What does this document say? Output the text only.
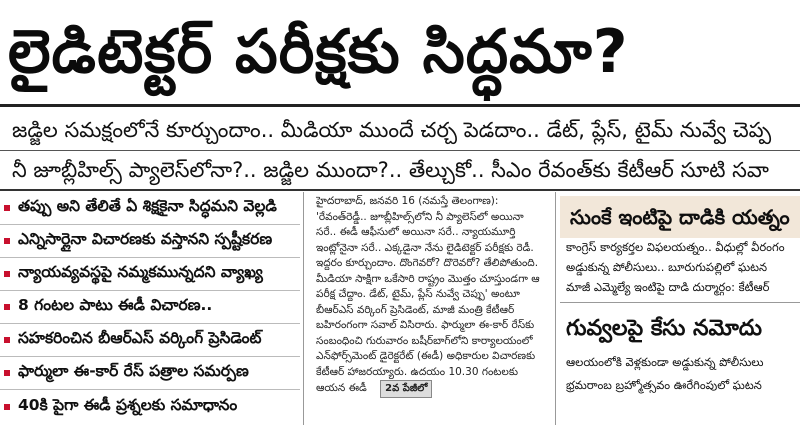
లైడిటెక్టర్ పరీక్షకు సిద్ధమా?
జడ్జిల సమక్షంలోనే కూర్చుందాం.. మీడియా ముందే చర్చ పెడదాం.. డేట్, ప్లేస్, టైమ్ నువ్వే చెప్ప
నీ జూబ్లీహిల్స్ ప్యాలెస్‌లోనా?.. జడ్జిల ముందా?.. తేల్చుకో.. సీఎం రేవంత్‌కు కేటీఆర్ సూటి సవా
తప్పు అని తేలితే ఏ శిక్షకైనా సిద్ధమని వెల్లడి
ఎన్నిసార్లైనా విచారణకు వస్తానని స్పష్టీకరణ
న్యాయవ్యవస్థపై నమ్మకమున్నదని వ్యాఖ్య
8 గంటల పాటు ఈడీ విచారణ..
సహకరించిన బీఆర్‌ఎస్ వర్కింగ్ ప్రెసిడెంట్
ఫార్ములా ఈ-కార్ రేస్ పత్రాల సమర్పణ
40కి పైగా ఈడీ ప్రశ్నలకు సమాధానం
హైదరాబాద్, జనవరి 16 (నమస్తే తెలంగాణ): 'రేవంత్‌రెడ్డీ.. జూబ్లీహిల్స్‌లోని నీ ప్యాలెస్‌లో అయినా సరే.. ఈడీ ఆఫీసులో అయినా సరే.. న్యాయమూర్తి ఇంట్లోనైనా సరే.. ఎక్కడైనా నేను లైడిటెక్టర్ పరీక్షకు రెడీ. ఇద్దరం కూర్చుందాం. దొంగెవరో? దొరెవరో? తేలిపోతుంది. మీడియా సాక్షిగా ఒకేసారి రాష్ట్రం మొత్తం చూస్తుండగా ఆ పరీక్ష చేద్దాం. డేట్, టైమ్, ప్లేస్ నువ్వే చెప్పు' అంటూ బీఆర్‌ఎస్ వర్కింగ్ ప్రెసిడెంట్, మాజీ మంత్రి కేటీఆర్ బహిరంగంగా సవాల్ విసిరారు. ఫార్ములా ఈ-కార్ రేస్‌కు సంబంధించి గురువారం బషీర్‌బాగ్‌లోని కార్యాలయంలో ఎన్‌ఫోర్స్‌మెంట్ డైరెక్టరేట్ (ఈడీ) అధికారుల విచారణకు కేటీఆర్ హాజరయ్యారు. ఉదయం 10.30 గంటలకు ఆయన ఈడీ 2వ పేజీలో
సుంకే ఇంటిపై దాడికి యత్నం
కాంగ్రెస్ కార్యకర్తల విఫలయత్నం.. వీధుల్లో వీరంగం
అడ్డుకున్న పోలీసులు.. బూరుగుపల్లిలో ఘటన
మాజీ ఎమ్మెల్యే ఇంటిపై దాడి దుర్మార్గం: కేటీఆర్
గువ్వలపై కేసు నమోదు
ఆలయంలోకి వెళ్లకుండా అడ్డుకున్న పోలీసులు
భ్రమరాంబ బ్రహ్మోత్సవం ఊరేగింపులో ఘటన
